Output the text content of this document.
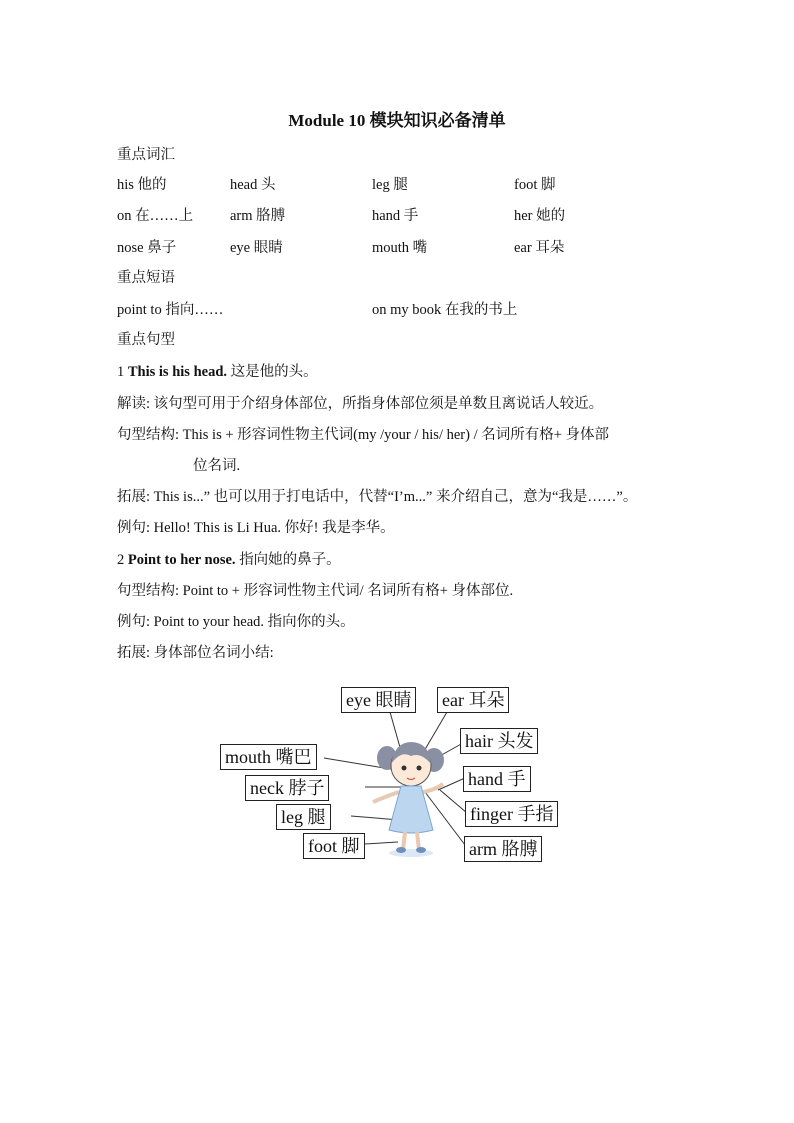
Module 10 模块知识必备清单
重点词汇
his 他的	head 头	leg 腿	foot 脚
on 在……上	arm 胳膊	hand 手	her 她的
nose 鼻子	eye 眼睛	mouth 嘴	ear 耳朵
重点短语
point to 指向……	on my book 在我的书上
重点句型
1 This is his head. 这是他的头。
解读: 该句型可用于介绍身体部位，所指身体部位须是单数且离说话人较近。
句型结构: This is + 形容词性物主代词(my /your / his/ her) / 名词所有格+ 身体部
位名词.
拓展: This is...” 也可以用于打电话中，代替“I’m...” 来介绍自己，意为“我是……”。
例句: Hello! This is Li Hua. 你好! 我是李华。
2 Point to her nose. 指向她的鼻子。
句型结构: Point to + 形容词性物主代词/ 名词所有格+ 身体部位.
例句: Point to your head. 指向你的头。
拓展: 身体部位名词小结:
eye 眼睛 ear 耳朵
hair 头发
mouth 嘴巴
hand 手
neck 脖子
finger 手指
leg 腿
foot 脚	arm 胳膊
